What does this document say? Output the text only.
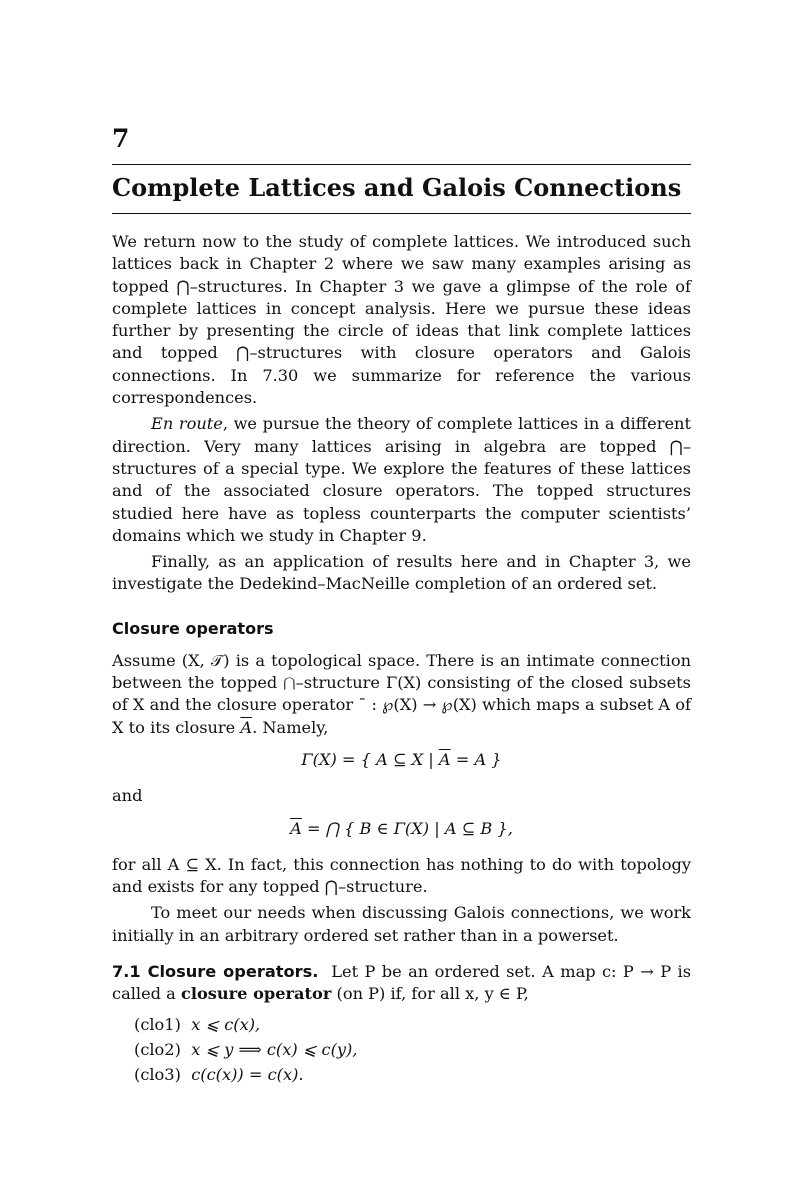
7
Complete Lattices and Galois Connections

We return now to the study of complete lattices. We introduced such lattices back in Chapter 2 where we saw many examples arising as topped ⋂–structures. In Chapter 3 we gave a glimpse of the role of complete lattices in concept analysis. Here we pursue these ideas further by presenting the circle of ideas that link complete lattices and topped ⋂–structures with closure operators and Galois connections. In 7.30 we summarize for reference the various correspondences.

En route, we pursue the theory of complete lattices in a different direction. Very many lattices arising in algebra are topped ⋂–structures of a special type. We explore the features of these lattices and of the associated closure operators. The topped structures studied here have as topless counterparts the computer scientists’ domains which we study in Chapter 9.

Finally, as an application of results here and in Chapter 3, we investigate the Dedekind–MacNeille completion of an ordered set.

Closure operators

Assume (X, 𝒯) is a topological space. There is an intimate connection between the topped ⋂–structure Γ(X) consisting of the closed subsets of X and the closure operator ¯ : ℘(X) → ℘(X) which maps a subset A of X to its closure $\overline{A}$. Namely,

Γ(X) = { A ⊆ X | $\overline{A} = A$ }

and

$\overline{A}$ = ⋂ { B ∈ Γ(X) | A ⊆ B },

for all A ⊆ X. In fact, this connection has nothing to do with topology and exists for any topped ⋂–structure.

To meet our needs when discussing Galois connections, we work initially in an arbitrary ordered set rather than in a powerset.

7.1 Closure operators. Let P be an ordered set. A map c: P → P is called a closure operator (on P) if, for all x, y ∈ P,

(clo1) x ⩽ c(x),
(clo2) x ⩽ y ⟹ c(x) ⩽ c(y),
(clo3) c(c(x)) = c(x).
